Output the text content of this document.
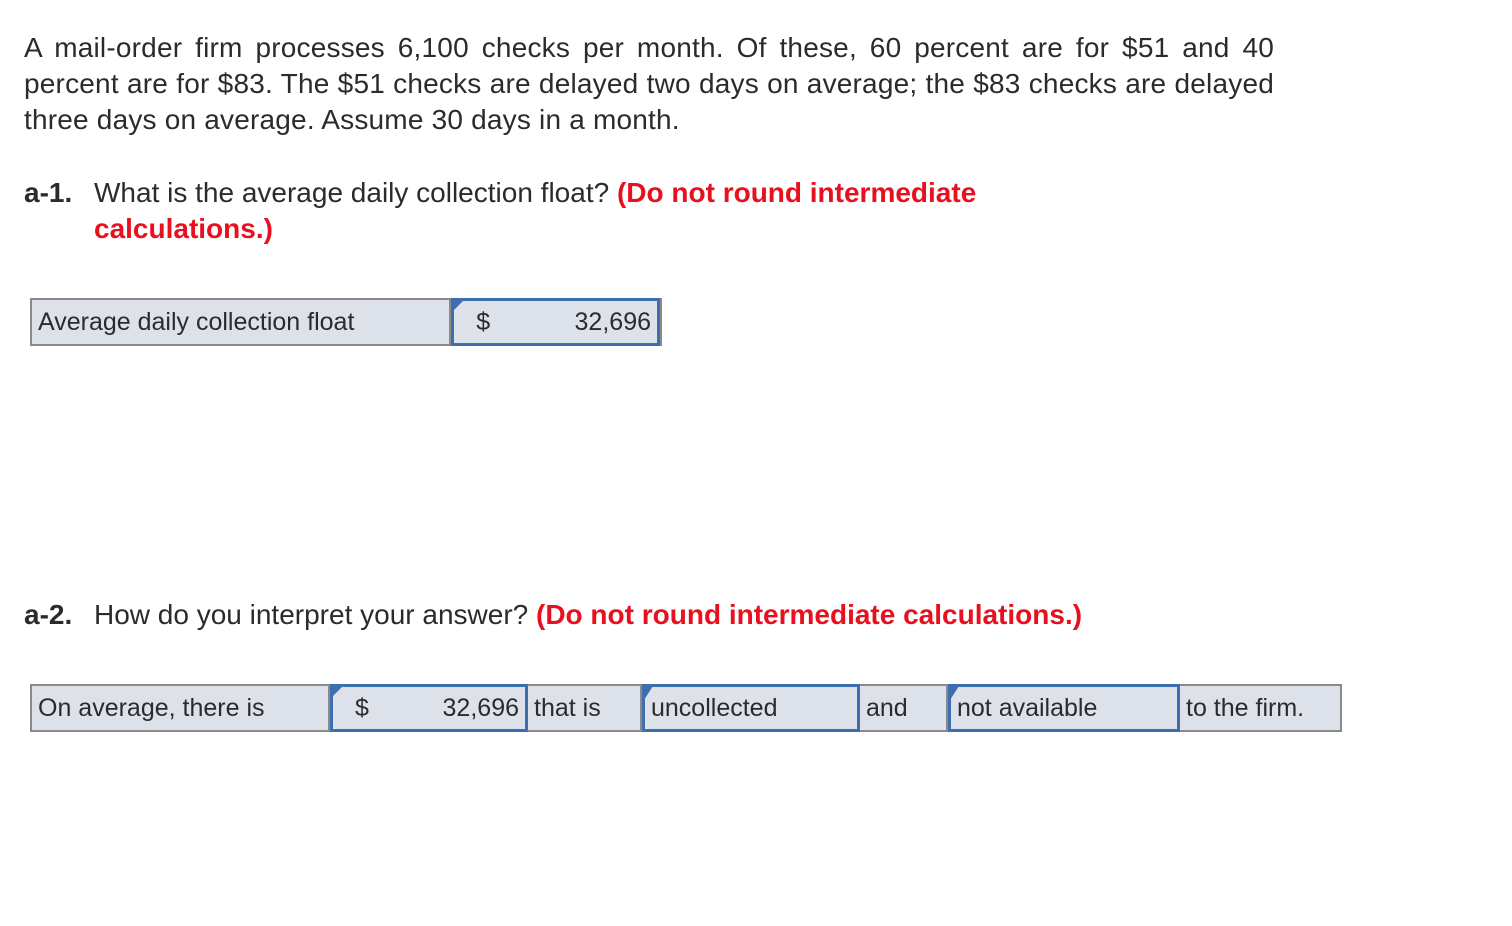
A mail-order firm processes 6,100 checks per month. Of these, 60 percent are for $51 and 40 percent are for $83. The $51 checks are delayed two days on average; the $83 checks are delayed three days on average. Assume 30 days in a month.
a-1. What is the average daily collection float? (Do not round intermediate calculations.)
Average daily collection float	$	32,696
a-2. How do you interpret your answer? (Do not round intermediate calculations.)
On average, there is	$	32,696 that is	uncollected	and	not available	to the firm.
